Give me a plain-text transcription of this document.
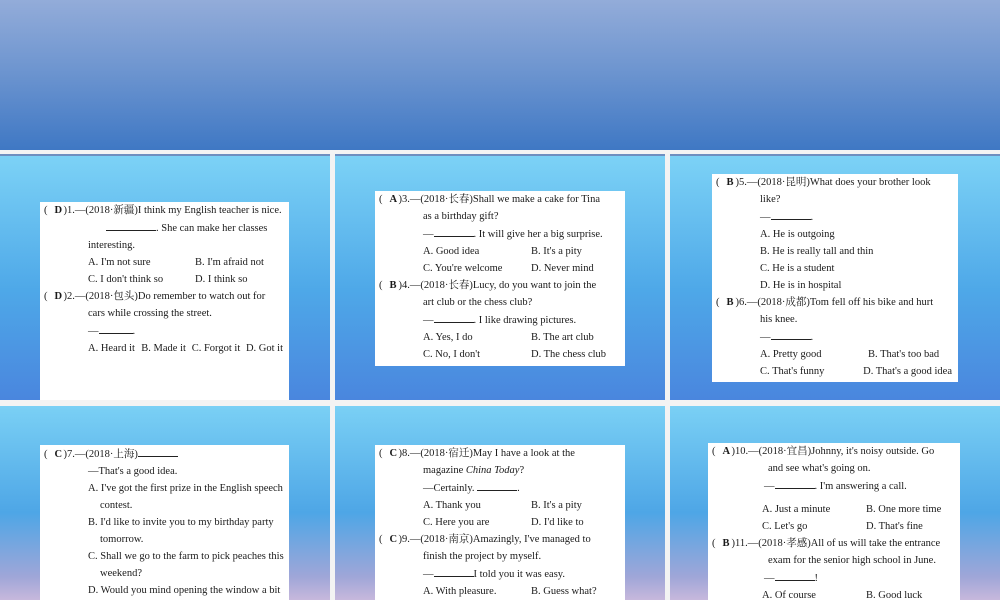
( D)1.—(2018·新疆)I think my English teacher is nice.
. She can make her classes
interesting.
A. I'm not sure	B. I'm afraid not
C. I don't think so	D. I think so
( D)2.—(2018·包头)Do remember to watch out for
cars while crossing the street.
—	.
A. Heard it B. Made it C. Forgot it D. Got it
( A)3.—(2018·长春)Shall we make a cake for Tina
as a birthday gift?
—	. It will give her a big surprise.
A. Good idea	B. It's a pity
C. You're welcome	D. Never mind
( B )4.—(2018·长春)Lucy, do you want to join the
art club or the chess club?
—	. I like drawing pictures.
A. Yes, I do	B. The art club
C. No, I don't	D. The chess club
( B )5.—(2018·昆明)What does your brother look
like?
—	.
A. He is outgoing
B. He is really tall and thin
C. He is a student
D. He is in hospital
( B )6.—(2018·成都)Tom fell off his bike and hurt
his knee.
—	.
A. Pretty good	B. That's too bad
C. That's funny	D. That's a good idea
( C)7.—(2018·上海)
—That's a good idea.
A. I've got the first prize in the English speech
contest.
B. I'd like to invite you to my birthday party
tomorrow.
C. Shall we go to the farm to pick peaches this
weekend?
D. Would you mind opening the window a bit
( C)8.—(2018·宿迁)May I have a look at the
magazine China Today?
—Certainly.	.
A. Thank you	B. It's a pity
C. Here you are	D. I'd like to
( C)9.—(2018·南京)Amazingly, I've managed to
finish the project by myself.
—	I told you it was easy.
A. With pleasure.	B. Guess what?
( A)10.—(2018·宜昌)Johnny, it's noisy outside. Go
and see what's going on.
—	. I'm answering a call.
A. Just a minute	B. One more time
C. Let's go	D. That's fine
( B )11.—(2018·孝感)All of us will take the entrance
exam for the senior high school in June.
—	!
A. Of course	B. Good luck
